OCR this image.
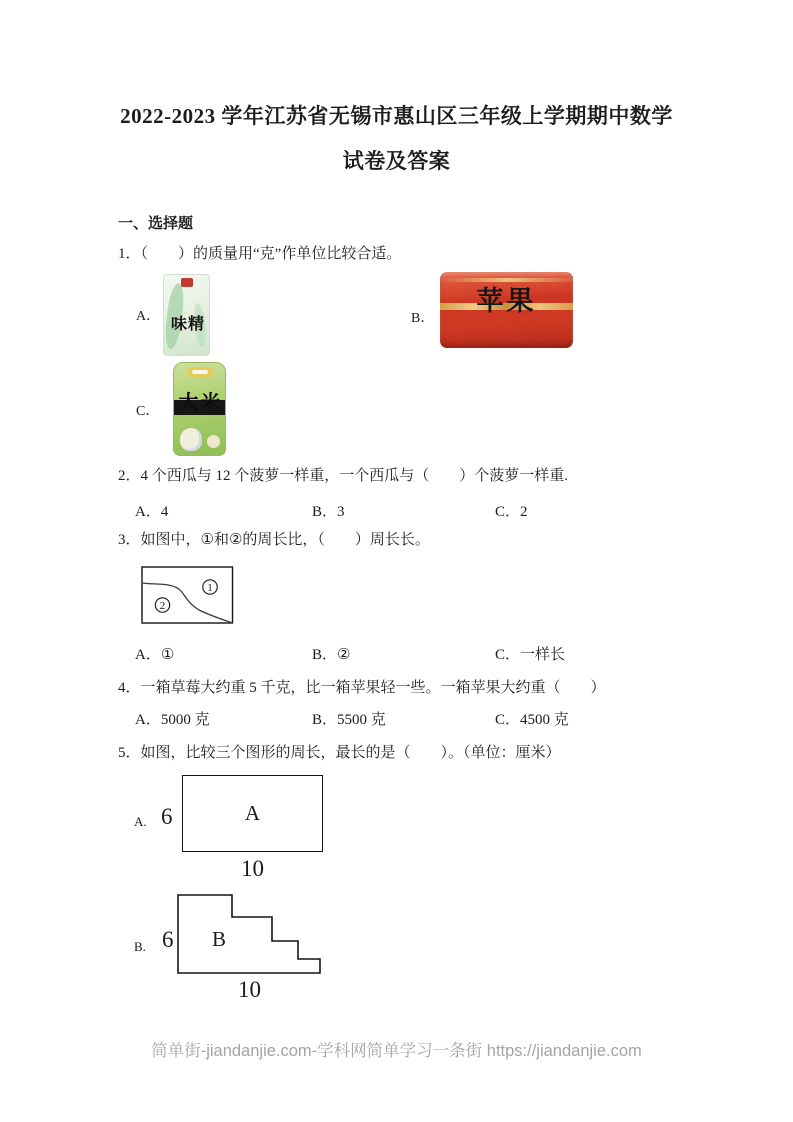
2022-2023 学年江苏省无锡市惠山区三年级上学期期中数学
试卷及答案
一、选择题
1．（　　）的质量用“克”作单位比较合适。
A． 味精	B．
苹果
C． 大米
2．4 个西瓜与 12 个菠萝一样重，一个西瓜与（　　）个菠萝一样重.
A．4	B．3	C．2
3．如图中，①和②的周长比，（　　）周长长。
1
2
A．①	B．②	C．一样长
4．一箱草莓大约重 5 千克，比一箱苹果轻一些。一箱苹果大约重（　　）
A．5000 克	B．5500 克	C．4500 克
5．如图，比较三个图形的周长，最长的是（　　）。（单位：厘米）
A. 6	A
10
B. 6 B
10
简单街-jiandanjie.com-学科网简单学习一条街 https://jiandanjie.com
